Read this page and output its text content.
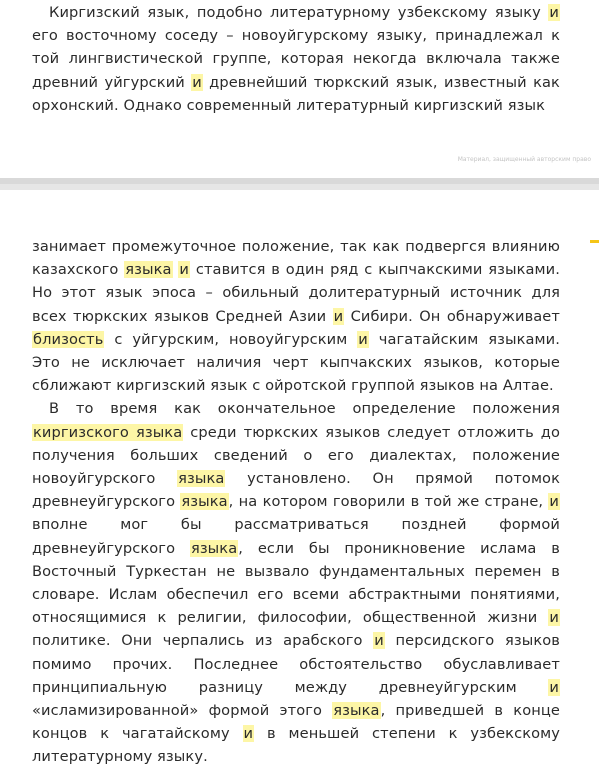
Киргизский язык, подобно литературному узбекскому языку и его восточному соседу – новоуйгурскому языку, принадлежал к той лингвистической группе, которая некогда включала также древний уйгурский и древнейший тюркский язык, известный как орхонский. Однако современный литературный киргизский язык

Материал, защищенный авторским право

занимает промежуточное положение, так как подвергся влиянию казахского языка и ставится в один ряд с кыпчакскими языками. Но этот язык эпоса – обильный долитературный источник для всех тюркских языков Средней Азии и Сибири. Он обнаруживает близость с уйгурским, новоуйгурским и чагатайским языками. Это не исключает наличия черт кыпчакских языков, которые сближают киргизский язык с ойротской группой языков на Алтае.

В то время как окончательное определение положения киргизского языка среди тюркских языков следует отложить до получения больших сведений о его диалектах, положение новоуйгурского языка установлено. Он прямой потомок древнеуйгурского языка, на котором говорили в той же стране, и вполне мог бы рассматриваться поздней формой древнеуйгурского языка, если бы проникновение ислама в Восточный Туркестан не вызвало фундаментальных перемен в словаре. Ислам обеспечил его всеми абстрактными понятиями, относящимися к религии, философии, общественной жизни и политике. Они черпались из арабского и персидского языков помимо прочих. Последнее обстоятельство обуславливает принципиальную разницу между древнеуйгурским и «исламизированной» формой этого языка, приведшей в конце концов к чагатайскому и в меньшей степени к узбекскому литературному языку.
